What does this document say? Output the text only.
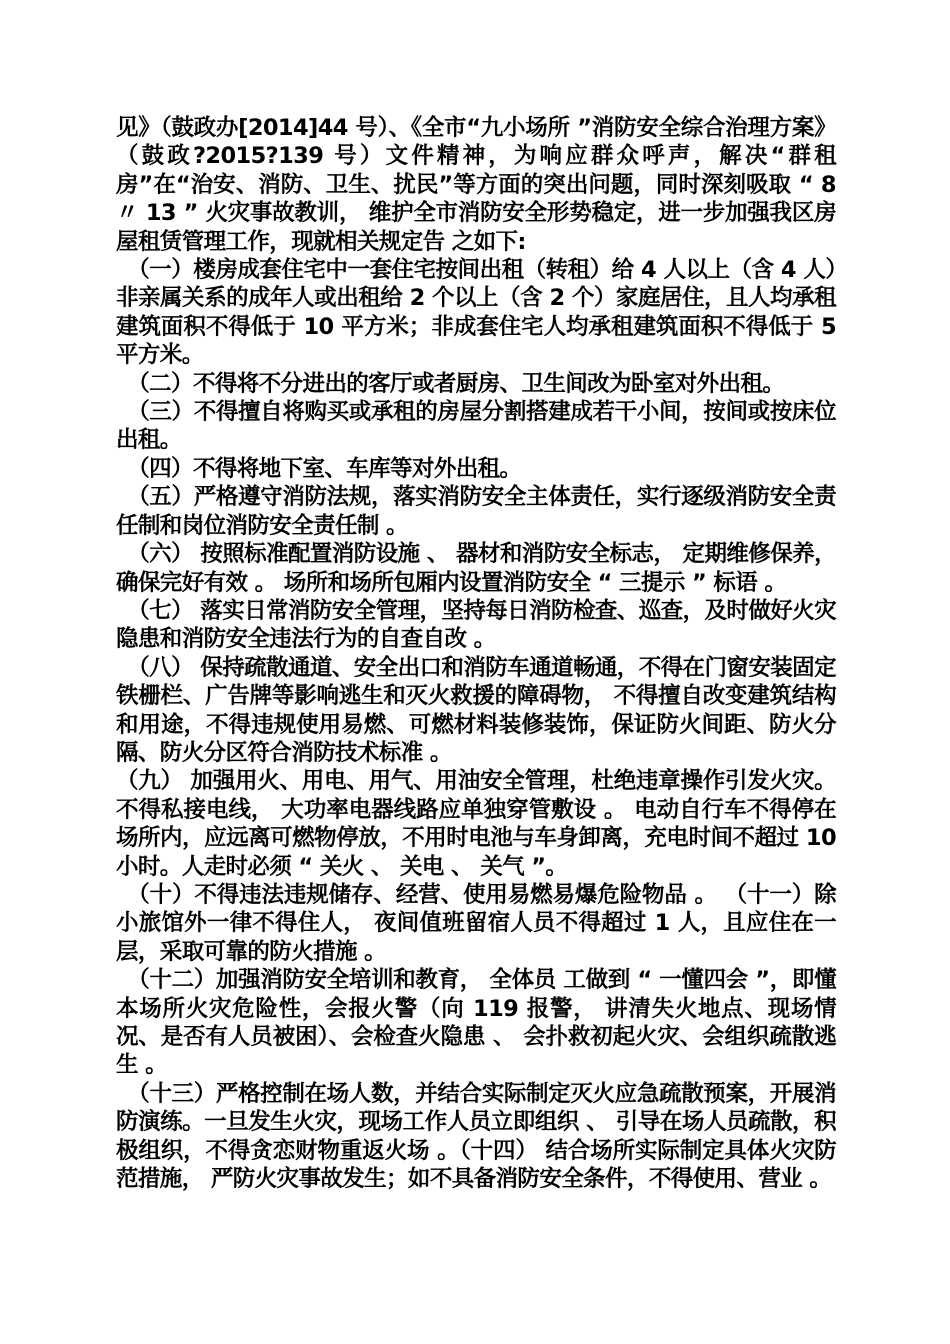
见》（鼓政办[2014]44 号）、《全市“九小场所 ”消防安全综合治理方案》（鼓政?2015?139 号）文件精神，为响应群众呼声，解决“群租房”在“治安、消防、卫生、扰民”等方面的突出问题，同时深刻吸取 “ 8 〃 13 ” 火灾事故教训， 维护全市消防安全形势稳定，进一步加强我区房屋租赁管理工作，现就相关规定告 之如下:

（一）楼房成套住宅中一套住宅按间出租（转租）给 4 人以上（含 4 人）非亲属关系的成年人或出租给 2 个以上（含 2 个）家庭居住，且人均承租建筑面积不得低于 10 平方米；非成套住宅人均承租建筑面积不得低于 5 平方米。

（二）不得将不分进出的客厅或者厨房、卫生间改为卧室对外出租。

（三）不得擅自将购买或承租的房屋分割搭建成若干小间，按间或按床位出租。

（四）不得将地下室、车库等对外出租。

（五）严格遵守消防法规，落实消防安全主体责任，实行逐级消防安全责任制和岗位消防安全责任制 。

（六） 按照标准配置消防设施 、 器材和消防安全标志， 定期维修保养， 确保完好有效 。 场所和场所包厢内设置消防安全 “ 三提示 ” 标语 。

（七） 落实日常消防安全管理，坚持每日消防检查、巡查，及时做好火灾隐患和消防安全违法行为的自查自改 。

（八） 保持疏散通道、安全出口和消防车通道畅通，不得在门窗安装固定铁栅栏、广告牌等影响逃生和灭火救援的障碍物， 不得擅自改变建筑结构和用途，不得违规使用易燃、可燃材料装修装饰，保证防火间距、防火分隔、防火分区符合消防技术标准 。

（九） 加强用火、用电、用气、用油安全管理，杜绝违章操作引发火灾。不得私接电线， 大功率电器线路应单独穿管敷设 。 电动自行车不得停在场所内，应远离可燃物停放，不用时电池与车身卸离，充电时间不超过 10 小时。人走时必须 “ 关火 、 关电 、 关气 ”。

（十）不得违法违规储存、经营、使用易燃易爆危险物品 。 （十一）除小旅馆外一律不得住人， 夜间值班留宿人员不得超过 1 人，且应住在一层，采取可靠的防火措施 。

（十二）加强消防安全培训和教育， 全体员 工做到 “ 一懂四会 ”，即懂本场所火灾危险性，会报火警（向 119 报警， 讲清失火地点、现场情况、是否有人员被困）、会检查火隐患 、 会扑救初起火灾、会组织疏散逃生 。

（十三）严格控制在场人数，并结合实际制定灭火应急疏散预案，开展消防演练。一旦发生火灾，现场工作人员立即组织 、 引导在场人员疏散，积极组织，不得贪恋财物重返火场 。（十四） 结合场所实际制定具体火灾防范措施， 严防火灾事故发生；如不具备消防安全条件，不得使用、营业 。
